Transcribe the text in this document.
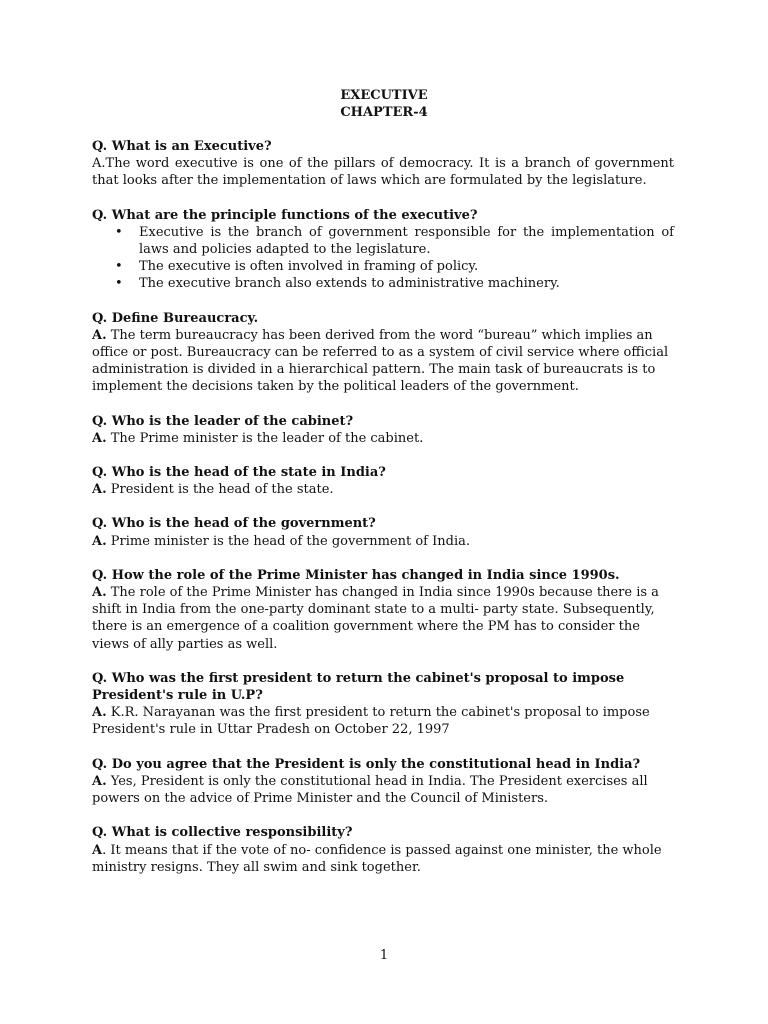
EXECUTIVE
CHAPTER-4

Q. What is an Executive?

A.The word executive is one of the pillars of democracy. It is a branch of government that looks after the implementation of laws which are formulated by the legislature.

Q. What are the principle functions of the executive?

• Executive is the branch of government responsible for the implementation of laws and policies adapted to the legislature.
• The executive is often involved in framing of policy.
• The executive branch also extends to administrative machinery.

Q. Define Bureaucracy.

A. The term bureaucracy has been derived from the word “bureau” which implies an office or post. Bureaucracy can be referred to as a system of civil service where official administration is divided in a hierarchical pattern. The main task of bureaucrats is to implement the decisions taken by the political leaders of the government.

Q. Who is the leader of the cabinet?

A. The Prime minister is the leader of the cabinet.

Q. Who is the head of the state in India?

A. President is the head of the state.

Q. Who is the head of the government?

A. Prime minister is the head of the government of India.

Q. How the role of the Prime Minister has changed in India since 1990s.

A. The role of the Prime Minister has changed in India since 1990s because there is a shift in India from the one-party dominant state to a multi- party state. Subsequently, there is an emergence of a coalition government where the PM has to consider the views of ally parties as well.

Q. Who was the first president to return the cabinet's proposal to impose President's rule in U.P?

A. K.R. Narayanan was the first president to return the cabinet's proposal to impose President's rule in Uttar Pradesh on October 22, 1997

Q. Do you agree that the President is only the constitutional head in India?

A. Yes, President is only the constitutional head in India. The President exercises all powers on the advice of Prime Minister and the Council of Ministers.

Q. What is collective responsibility?

A. It means that if the vote of no- confidence is passed against one minister, the whole ministry resigns. They all swim and sink together.

1
